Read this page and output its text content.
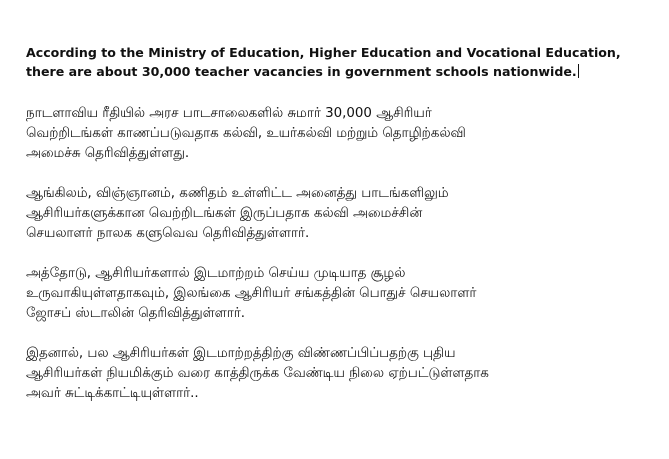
According to the Ministry of Education, Higher Education and Vocational Education,
there are about 30,000 teacher vacancies in government schools nationwide.

நாடளாவிய ரீதியில் அரச பாடசாலைகளில் சுமார் 30,000 ஆசிரியர்
வெற்றிடங்கள் காணப்படுவதாக கல்வி, உயர்கல்வி மற்றும் தொழிற்கல்வி
அமைச்சு தெரிவித்துள்ளது.

ஆங்கிலம், விஞ்ஞானம், கணிதம் உள்ளிட்ட அனைத்து பாடங்களிலும்
ஆசிரியர்களுக்கான வெற்றிடங்கள் இருப்பதாக கல்வி அமைச்சின்
செயலாளர் நாலக களுவெவ தெரிவித்துள்ளார்.

அத்தோடு, ஆசிரியர்களால் இடமாற்றம் செய்ய முடியாத சூழல்
உருவாகியுள்ளதாகவும், இலங்கை ஆசிரியர் சங்கத்தின் பொதுச் செயலாளர்
ஜோசப் ஸ்டாலின் தெரிவித்துள்ளார்.

இதனால், பல ஆசிரியர்கள் இடமாற்றத்திற்கு விண்ணப்பிப்பதற்கு புதிய
ஆசிரியர்கள் நியமிக்கும் வரை காத்திருக்க வேண்டிய நிலை ஏற்பட்டுள்ளதாக
அவர் சுட்டிக்காட்டியுள்ளார்..
